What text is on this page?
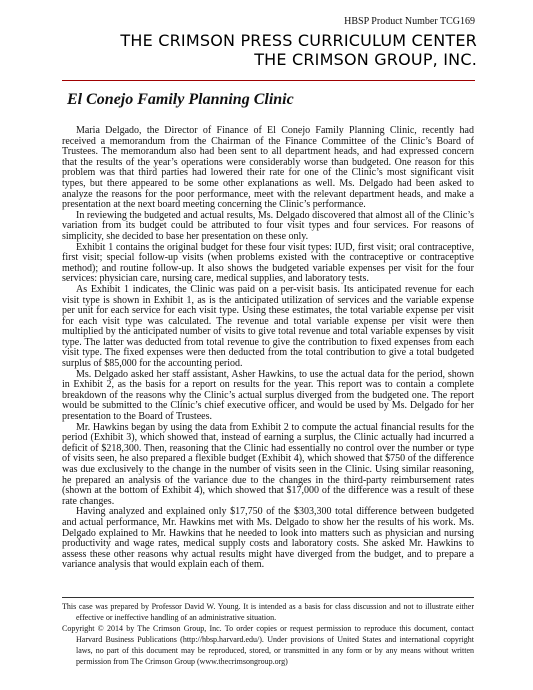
HBSP Product Number TCG169
THE CRIMSON PRESS CURRICULUM CENTER
THE CRIMSON GROUP, INC.
El Conejo Family Planning Clinic

Maria Delgado, the Director of Finance of El Conejo Family Planning Clinic, recently had received a memorandum from the Chairman of the Finance Committee of the Clinic’s Board of Trustees. The memorandum also had been sent to all department heads, and had expressed concern that the results of the year’s operations were considerably worse than budgeted. One reason for this problem was that third parties had lowered their rate for one of the Clinic’s most significant visit types, but there appeared to be some other explanations as well. Ms. Delgado had been asked to analyze the reasons for the poor performance, meet with the relevant department heads, and make a presentation at the next board meeting concerning the Clinic’s performance.

In reviewing the budgeted and actual results, Ms. Delgado discovered that almost all of the Clinic’s variation from its budget could be attributed to four visit types and four services. For reasons of simplicity, she decided to base her presentation on these only.

Exhibit 1 contains the original budget for these four visit types: IUD, first visit; oral contraceptive, first visit; special follow-up visits (when problems existed with the contraceptive or contraceptive method); and routine follow-up. It also shows the budgeted variable expenses per visit for the four services: physician care, nursing care, medical supplies, and laboratory tests.

As Exhibit 1 indicates, the Clinic was paid on a per-visit basis. Its anticipated revenue for each visit type is shown in Exhibit 1, as is the anticipated utilization of services and the variable expense per unit for each service for each visit type. Using these estimates, the total variable expense per visit for each visit type was calculated. The revenue and total variable expense per visit were then multiplied by the anticipated number of visits to give total revenue and total variable expenses by visit type. The latter was deducted from total revenue to give the contribution to fixed expenses from each visit type. The fixed expenses were then deducted from the total contribution to give a total budgeted surplus of $85,000 for the accounting period.

Ms. Delgado asked her staff assistant, Asher Hawkins, to use the actual data for the period, shown in Exhibit 2, as the basis for a report on results for the year. This report was to contain a complete breakdown of the reasons why the Clinic’s actual surplus diverged from the budgeted one. The report would be submitted to the Clinic’s chief executive officer, and would be used by Ms. Delgado for her presentation to the Board of Trustees.

Mr. Hawkins began by using the data from Exhibit 2 to compute the actual financial results for the period (Exhibit 3), which showed that, instead of earning a surplus, the Clinic actually had incurred a deficit of $218,300. Then, reasoning that the Clinic had essentially no control over the number or type of visits seen, he also prepared a flexible budget (Exhibit 4), which showed that $750 of the difference was due exclusively to the change in the number of visits seen in the Clinic. Using similar reasoning, he prepared an analysis of the variance due to the changes in the third-party reimbursement rates (shown at the bottom of Exhibit 4), which showed that $17,000 of the difference was a result of these rate changes.

Having analyzed and explained only $17,750 of the $303,300 total difference between budgeted and actual performance, Mr. Hawkins met with Ms. Delgado to show her the results of his work. Ms. Delgado explained to Mr. Hawkins that he needed to look into matters such as physician and nursing productivity and wage rates, medical supply costs and laboratory costs. She asked Mr. Hawkins to assess these other reasons why actual results might have diverged from the budget, and to prepare a variance analysis that would explain each of them.

This case was prepared by Professor David W. Young. It is intended as a basis for class discussion and not to illustrate either effective or ineffective handling of an administrative situation.

Copyright © 2014 by The Crimson Group, Inc. To order copies or request permission to reproduce this document, contact Harvard Business Publications (http://hbsp.harvard.edu/). Under provisions of United States and international copyright laws, no part of this document may be reproduced, stored, or transmitted in any form or by any means without written permission from The Crimson Group (www.thecrimsongroup.org)
